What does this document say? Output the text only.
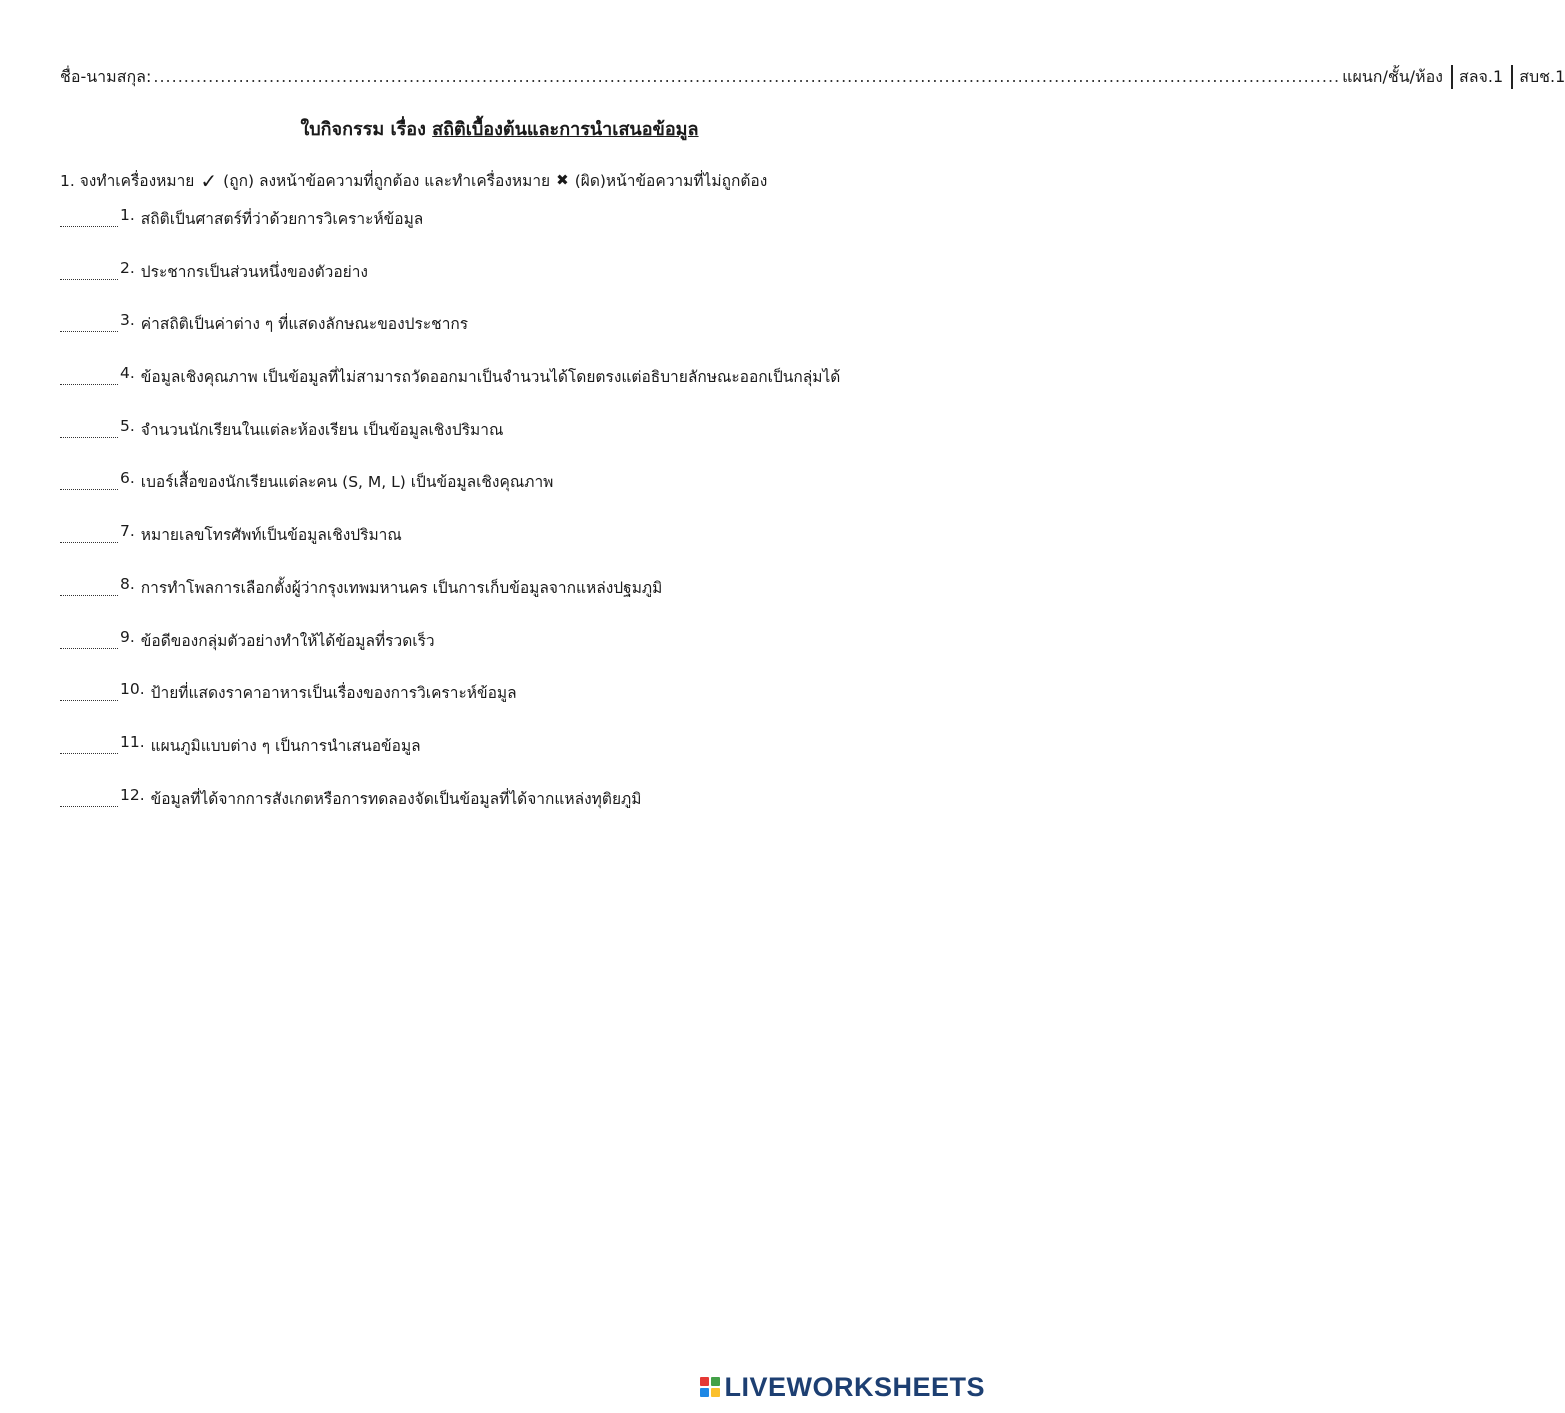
ชื่อ-นามสกุล: ................................................................................................................................................................................................... แผนก/ชั้น/ห้อง สลจ.1 สบช.1
ใบกิจกรรม เรื่อง สถิติเบื้องต้นและการนำเสนอข้อมูล
1. จงทำเครื่องหมาย ✓ (ถูก) ลงหน้าข้อความที่ถูกต้อง และทำเครื่องหมาย ✖ (ผิด)หน้าข้อความที่ไม่ถูกต้อง
1. สถิติเป็นศาสตร์ที่ว่าด้วยการวิเคราะห์ข้อมูล
2. ประชากรเป็นส่วนหนึ่งของตัวอย่าง
3. ค่าสถิติเป็นค่าต่าง ๆ ที่แสดงลักษณะของประชากร
4. ข้อมูลเชิงคุณภาพ เป็นข้อมูลที่ไม่สามารถวัดออกมาเป็นจำนวนได้โดยตรงแต่อธิบายลักษณะออกเป็นกลุ่มได้
5. จำนวนนักเรียนในแต่ละห้องเรียน เป็นข้อมูลเชิงปริมาณ
6. เบอร์เสื้อของนักเรียนแต่ละคน (S, M, L) เป็นข้อมูลเชิงคุณภาพ
7. หมายเลขโทรศัพท์เป็นข้อมูลเชิงปริมาณ
8. การทำโพลการเลือกตั้งผู้ว่ากรุงเทพมหานคร เป็นการเก็บข้อมูลจากแหล่งปฐมภูมิ
9. ข้อดีของกลุ่มตัวอย่างทำให้ได้ข้อมูลที่รวดเร็ว
10. ป้ายที่แสดงราคาอาหารเป็นเรื่องของการวิเคราะห์ข้อมูล
11. แผนภูมิแบบต่าง ๆ เป็นการนำเสนอข้อมูล
12. ข้อมูลที่ได้จากการสังเกตหรือการทดลองจัดเป็นข้อมูลที่ได้จากแหล่งทุติยภูมิ
LIVEWORKSHEETS
